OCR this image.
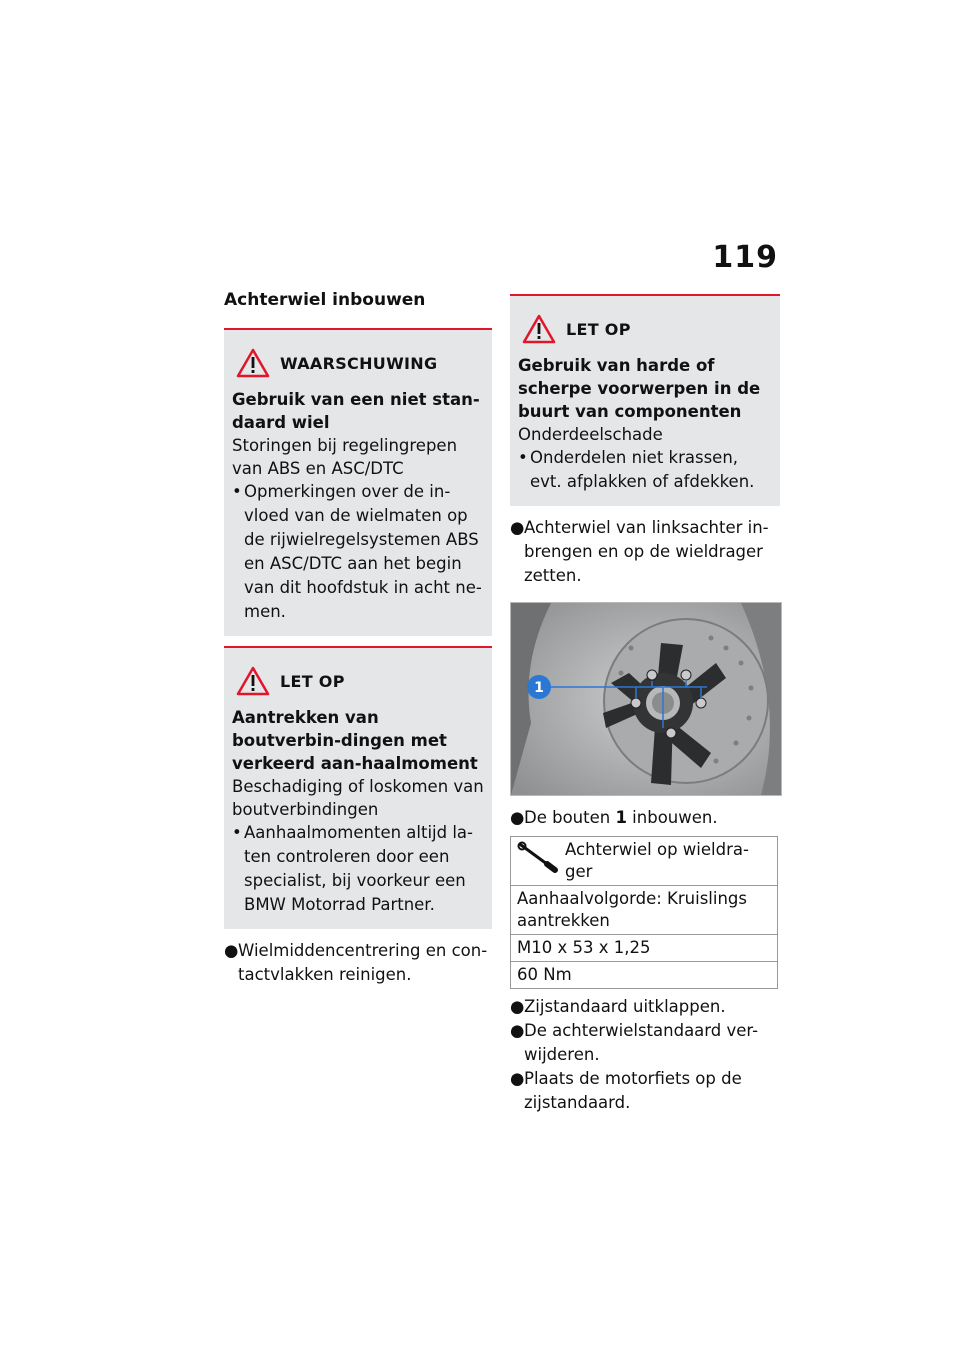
119
Achterwiel inbouwen
WAARSCHUWING
Gebruik van een niet stan-daard wiel
Storingen bij regelingrepen van ABS en ASC/DTC
• Opmerkingen over de in-vloed van de wielmaten op de rijwielregelsystemen ABS en ASC/DTC aan het begin van dit hoofdstuk in acht ne-men.
LET OP
Aantrekken van boutverbin-dingen met verkeerd aan-haalmoment
Beschadiging of loskomen van boutverbindingen
• Aanhaalmomenten altijd la-ten controleren door een specialist, bij voorkeur een BMW Motorrad Partner.
●Wielmiddencentrering en con-tactvlakken reinigen.
LET OP
Gebruik van harde of scherpe voorwerpen in de buurt van componenten
Onderdeelschade
• Onderdelen niet krassen, evt. afplakken of afdekken.
●Achterwiel van linksachter in-brengen en op de wieldrager zetten.
1
●De bouten 1 inbouwen.
Achterwiel op wieldra-ger

Aanhaalvolgorde: Kruislings aantrekken
M10 x 53 x 1,25
60 Nm
●Zijstandaard uitklappen.
●De achterwielstandaard ver-wijderen.
●Plaats de motorfiets op de zijstandaard.
